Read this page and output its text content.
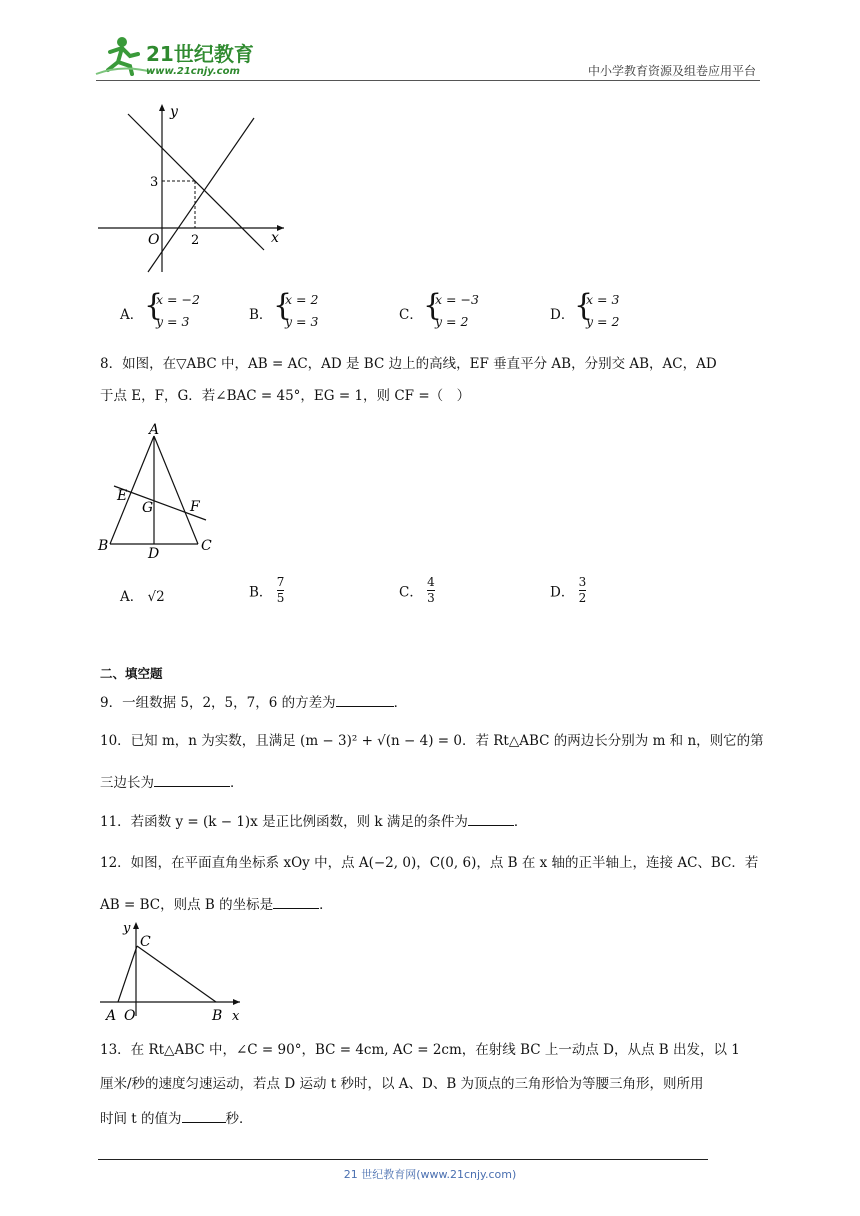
21世纪教育
www.21cnjy.com	中小学教育资源及组卷应用平台
y
x
O
3
2
A． {
x = −2
y = 3	B． {
x = 2
y = 3	C． {
x = −3
y = 2	D． {
x = 3
y = 2
8．如图，在▽ABC 中，AB = AC，AD 是 BC 边上的高线，EF 垂直平分 AB，分别交 AB，AC，AD
于点 E，F，G．若∠BAC = 45°，EG = 1，则 CF =（　）
A
B	C
D
E
F
G
A． √2	B． $\frac{7}{5}$	C． $\frac{4}{3}$	D． $\frac{3}{2}$
二、填空题
9．一组数据 5，2，5，7，6 的方差为	．
10．已知 m，n 为实数，且满足 (m − 3)² + √(n − 4) = 0．若 Rt△ABC 的两边长分别为 m 和 n，则它的第
三边长为	．
11．若函数 y = (k − 1)x 是正比例函数，则 k 满足的条件为	．
12．如图，在平面直角坐标系 xOy 中，点 A(−2, 0)，C(0, 6)，点 B 在 x 轴的正半轴上，连接 AC、BC．若
AB = BC，则点 B 的坐标是	．
y
C
A O	B x
13．在 Rt△ABC 中，∠C = 90°，BC = 4cm, AC = 2cm，在射线 BC 上一动点 D，从点 B 出发，以 1
厘米/秒的速度匀速运动，若点 D 运动 t 秒时，以 A、D、B 为顶点的三角形恰为等腰三角形，则所用
时间 t 的值为	秒．
21 世纪教育网(www.21cnjy.com)
